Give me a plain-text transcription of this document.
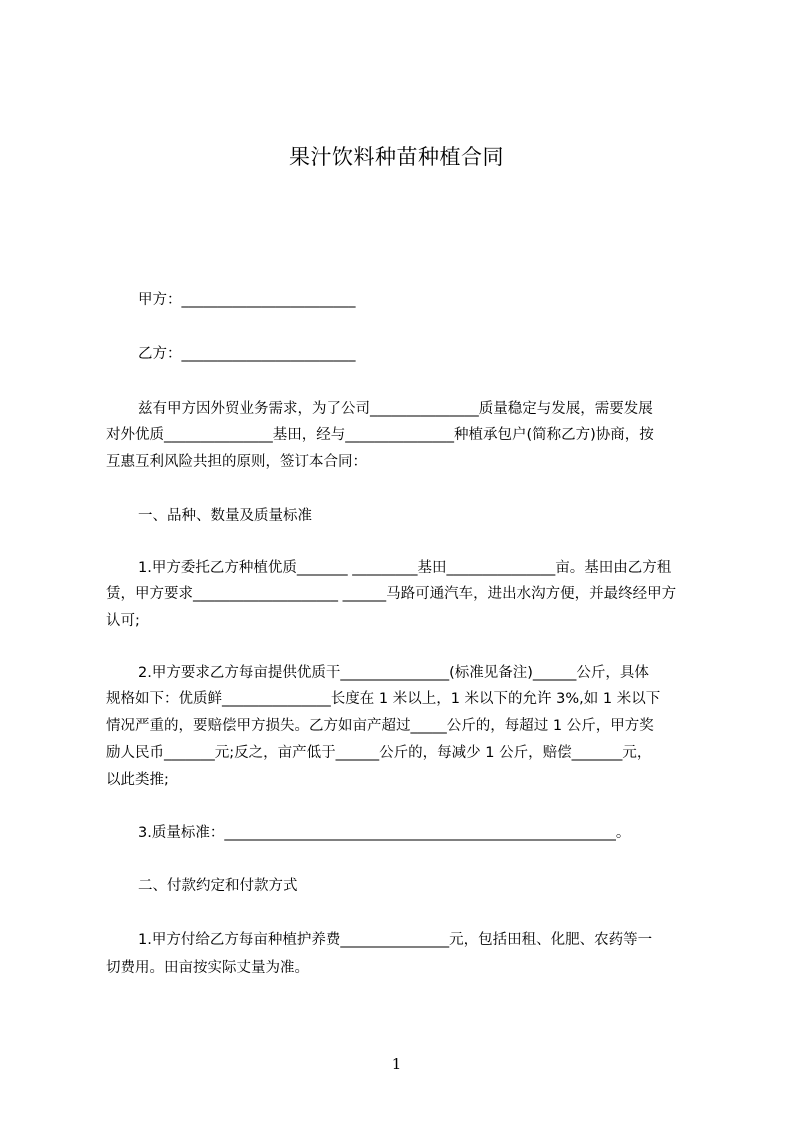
果汁饮料种苗种植合同
甲方：________________________
乙方：________________________
兹有甲方因外贸业务需求，为了公司_______________质量稳定与发展，需要发展
对外优质_______________基田，经与_______________种植承包户(简称乙方)协商，按
互惠互利风险共担的原则，签订本合同：
一、品种、数量及质量标准
1.甲方委托乙方种植优质_______ _________基田_______________亩。基田由乙方租
赁，甲方要求____________________ ______马路可通汽车，进出水沟方便，并最终经甲方
认可;
2.甲方要求乙方每亩提供优质干_______________(标准见备注)______公斤，具体
规格如下：优质鲜_______________长度在 1 米以上，1 米以下的允许 3%,如 1 米以下
情况严重的，要赔偿甲方损失。乙方如亩产超过_____公斤的，每超过 1 公斤，甲方奖
励人民币_______元;反之，亩产低于______公斤的，每减少 1 公斤，赔偿_______元，
以此类推;
3.质量标准：______________________________________________________。
二、付款约定和付款方式
1.甲方付给乙方每亩种植护养费_______________元，包括田租、化肥、农药等一
切费用。田亩按实际丈量为准。
1
